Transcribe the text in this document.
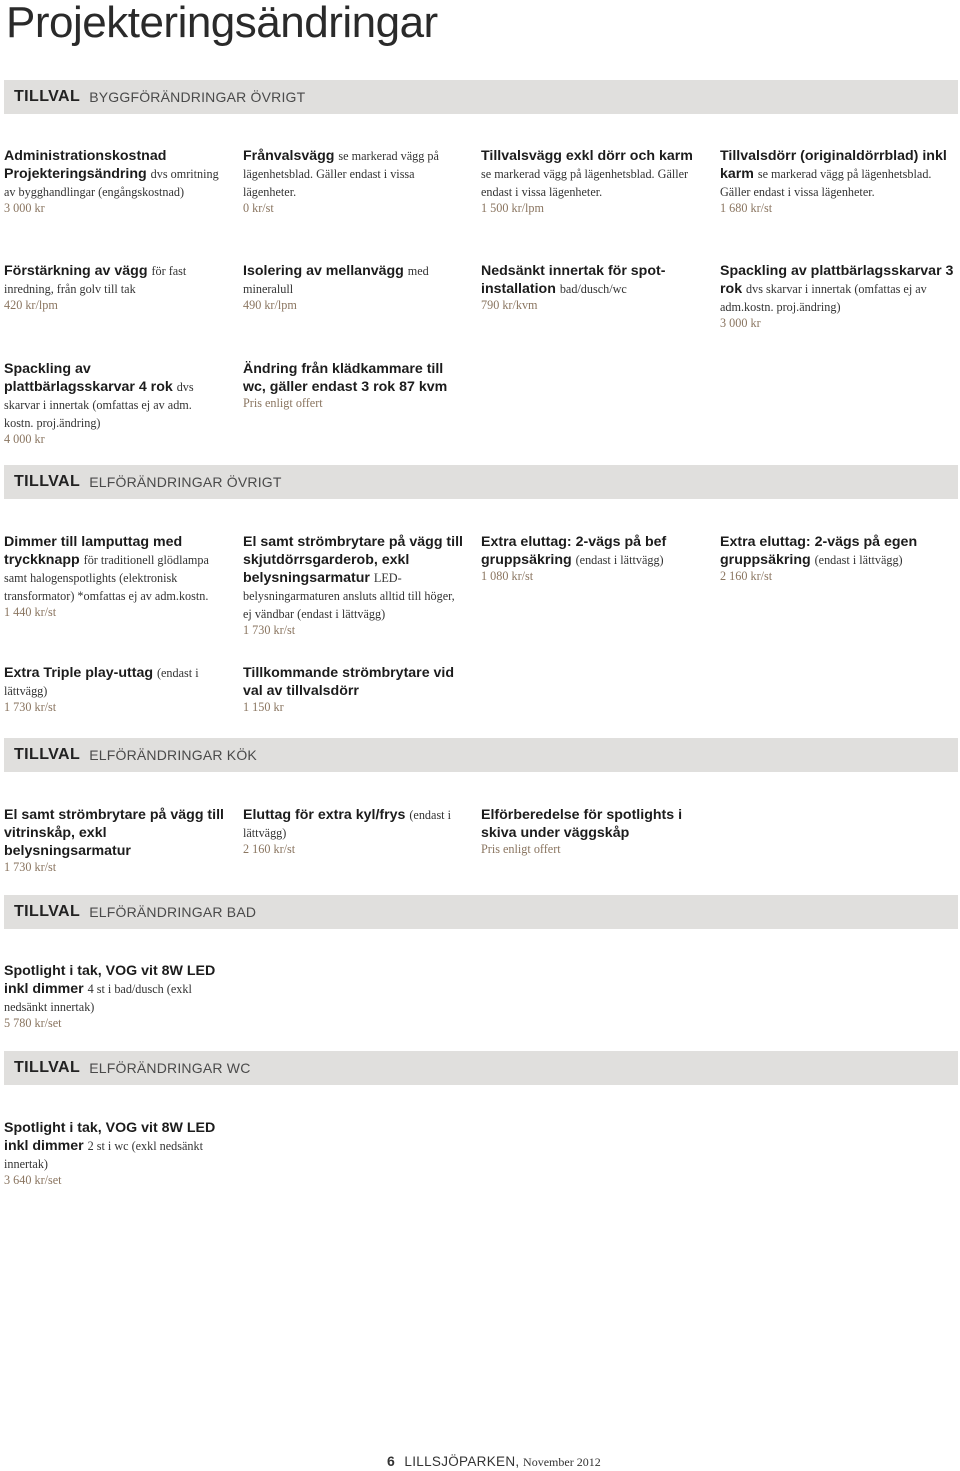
Projekteringsändringar
TILLVAL BYGGFÖRÄNDRINGAR ÖVRIGT
Administrationskostnad Projekteringsändring dvs omritning av bygghandlingar (engångskostnad)
3 000 kr
Frånvalsvägg se markerad vägg på lägenhetsblad. Gäller endast i vissa lägenheter.
0 kr/st
Tillvalsvägg exkl dörr och karm se markerad vägg på lägenhetsblad. Gäller endast i vissa lägenheter.
1 500 kr/lpm
Tillvalsdörr (originaldörrblad) inkl karm se markerad vägg på lägenhetsblad. Gäller endast i vissa lägenheter.
1 680 kr/st
Förstärkning av vägg för fast inredning, från golv till tak
420 kr/lpm
Isolering av mellanvägg med mineralull
490 kr/lpm
Nedsänkt innertak för spot-installation bad/dusch/wc
790 kr/kvm
Spackling av plattbärlagsskarvar 3 rok dvs skarvar i innertak (omfattas ej av adm.kostn. proj.ändring)
3 000 kr
Spackling av plattbärlagsskarvar 4 rok dvs skarvar i innertak (omfattas ej av adm. kostn. proj.ändring)
4 000 kr
Ändring från klädkammare till wc, gäller endast 3 rok 87 kvm
Pris enligt offert
TILLVAL ELFÖRÄNDRINGAR ÖVRIGT
Dimmer till lamputtag med tryckknapp för traditionell glödlampa samt halogenspotlights (elektronisk transformator) *omfattas ej av adm.kostn.
1 440 kr/st
El samt strömbrytare på vägg till skjutdörrsgarderob, exkl belysningsarmatur LED-belysningarmaturen ansluts alltid till höger, ej vändbar (endast i lättvägg)
1 730 kr/st
Extra eluttag: 2-vägs på bef gruppsäkring (endast i lättvägg)
1 080 kr/st
Extra eluttag: 2-vägs på egen gruppsäkring (endast i lättvägg)
2 160 kr/st
Extra Triple play-uttag (endast i lättvägg)
1 730 kr/st
Tillkommande strömbrytare vid val av tillvalsdörr
1 150 kr
TILLVAL ELFÖRÄNDRINGAR KÖK
El samt strömbrytare på vägg till vitrinskåp, exkl belysningsarmatur
1 730 kr/st
Eluttag för extra kyl/frys (endast i lättvägg)
2 160 kr/st
Elförberedelse för spotlights i skiva under väggskåp
Pris enligt offert
TILLVAL ELFÖRÄNDRINGAR BAD
Spotlight i tak, VOG vit 8W LED inkl dimmer 4 st i bad/dusch (exkl nedsänkt innertak)
5 780 kr/set
TILLVAL ELFÖRÄNDRINGAR WC
Spotlight i tak, VOG vit 8W LED inkl dimmer 2 st i wc (exkl nedsänkt innertak)
3 640 kr/set
6 LILLSJÖPARKEN, November 2012
